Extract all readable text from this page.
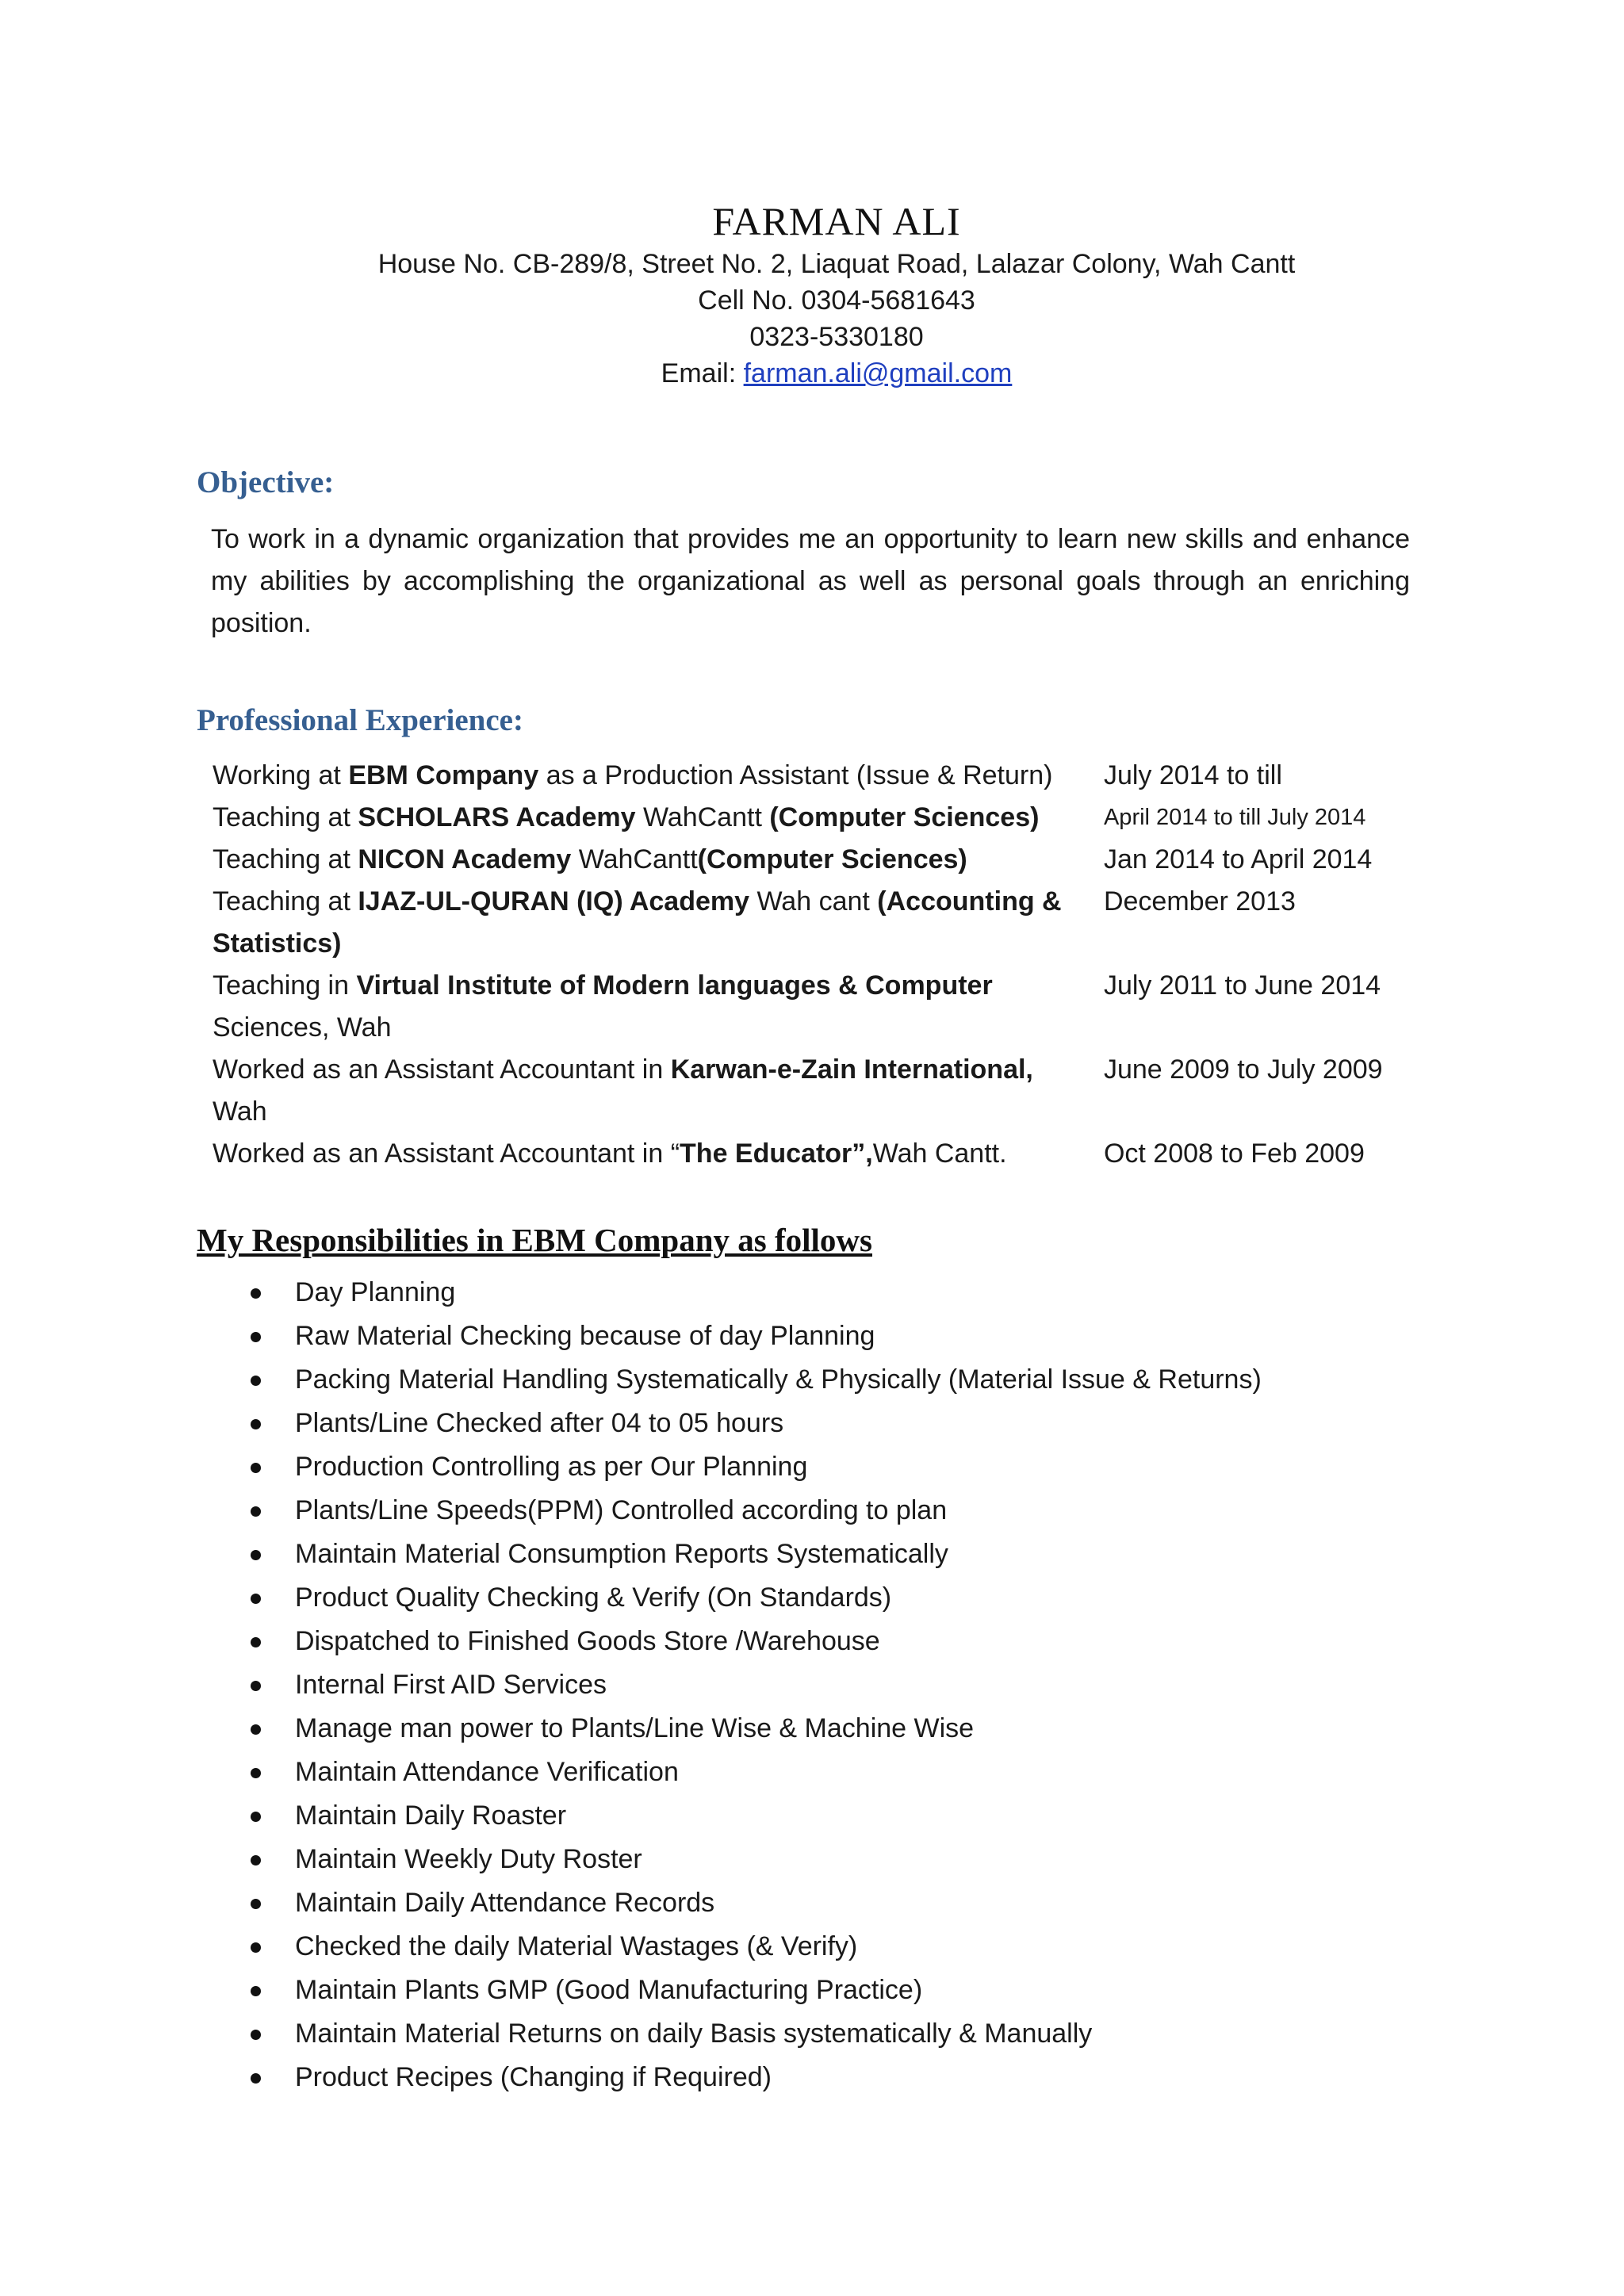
FARMAN ALI
House No. CB-289/8, Street No. 2, Liaquat Road, Lalazar Colony, Wah Cantt
Cell No. 0304-5681643
0323-5330180
Email: farman.ali@gmail.com
Objective:
To work in a dynamic organization that provides me an opportunity to learn new skills and enhance my abilities by accomplishing the organizational as well as personal goals through an enriching position.
Professional Experience:
Working at EBM Company as a Production Assistant (Issue & Return)	July 2014 to till
Teaching at SCHOLARS Academy WahCantt (Computer Sciences)	April 2014 to till July 2014
Teaching at NICON Academy WahCantt(Computer Sciences)	Jan 2014 to April 2014
Teaching at IJAZ-UL-QURAN (IQ) Academy Wah cant (Accounting & Statistics)	December 2013
Teaching in Virtual Institute of Modern languages & Computer Sciences, Wah	July 2011 to June 2014
Worked as an Assistant Accountant in Karwan-e-Zain International, Wah	June 2009 to July 2009
Worked as an Assistant Accountant in “The Educator”,Wah Cantt.	Oct 2008 to Feb 2009
My Responsibilities in EBM Company as follows
Day Planning
Raw Material Checking because of day Planning
Packing Material Handling Systematically & Physically (Material Issue & Returns)
Plants/Line Checked after 04 to 05 hours
Production Controlling as per Our Planning
Plants/Line Speeds(PPM) Controlled according to plan
Maintain Material Consumption Reports Systematically
Product Quality Checking & Verify (On Standards)
Dispatched to Finished Goods Store /Warehouse
Internal First AID Services
Manage man power to Plants/Line Wise & Machine Wise
Maintain Attendance Verification
Maintain Daily Roaster
Maintain Weekly Duty Roster
Maintain Daily Attendance Records
Checked the daily Material Wastages (& Verify)
Maintain Plants GMP (Good Manufacturing Practice)
Maintain Material Returns on daily Basis systematically & Manually
Product Recipes (Changing if Required)
